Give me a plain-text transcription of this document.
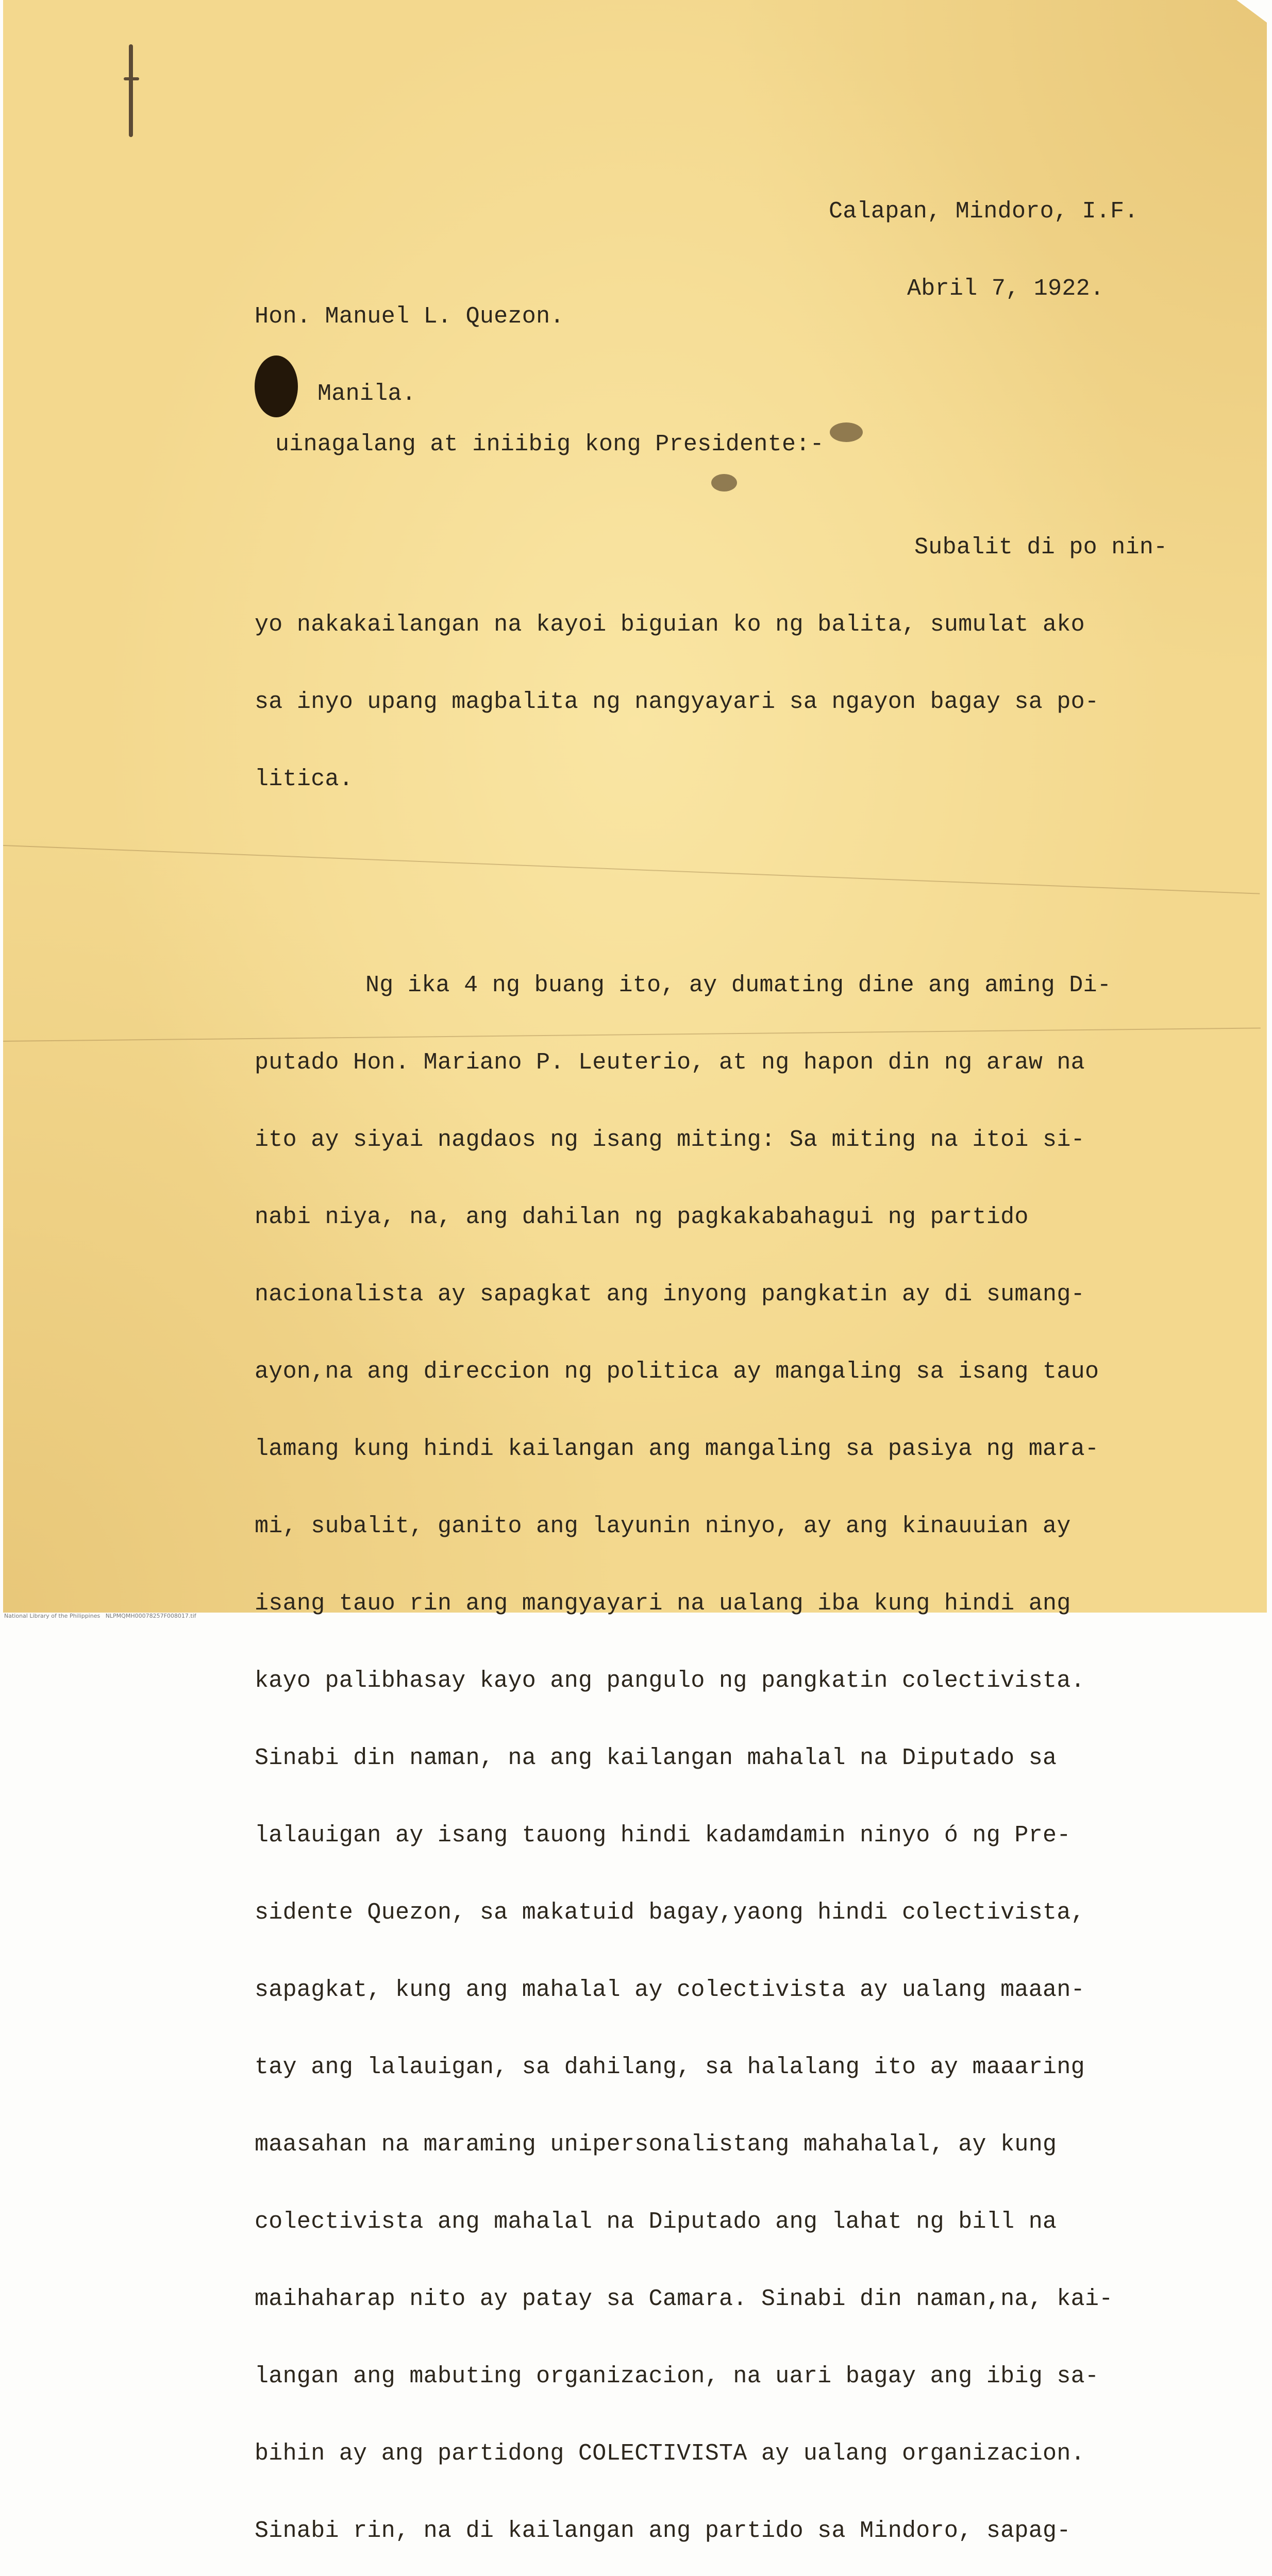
Calapan, Mindoro, I.F.

Abril 7, 1922.

Hon. Manuel L. Quezon.

Manila.

uinagalang at iniibig kong Presidente:-

Subalit di po nin-

yo nakakailangan na kayoi biguian ko ng balita, sumulat ako

sa inyo upang magbalita ng nangyayari sa ngayon bagay sa po-

litica.

Ng ika 4 ng buang ito, ay dumating dine ang aming Di-

putado Hon. Mariano P. Leuterio, at ng hapon din ng araw na

ito ay siyai nagdaos ng isang miting: Sa miting na itoi si-

nabi niya, na, ang dahilan ng pagkakabahagui ng partido

nacionalista ay sapagkat ang inyong pangkatin ay di sumang-

ayon,na ang direccion ng politica ay mangaling sa isang tauo

lamang kung hindi kailangan ang mangaling sa pasiya ng mara-

mi, subalit, ganito ang layunin ninyo, ay ang kinauuian ay

isang tauo rin ang mangyayari na ualang iba kung hindi ang

kayo palibhasay kayo ang pangulo ng pangkatin colectivista.

Sinabi din naman, na ang kailangan mahalal na Diputado sa

lalauigan ay isang tauong hindi kadamdamin ninyo ó ng Pre-

sidente Quezon, sa makatuid bagay,yaong hindi colectivista,

sapagkat, kung ang mahalal ay colectivista ay ualang maaan-

tay ang lalauigan, sa dahilang, sa halalang ito ay maaaring

maasahan na maraming unipersonalistang mahahalal, ay kung

colectivista ang mahalal na Diputado ang lahat ng bill na

maihaharap nito ay patay sa Camara. Sinabi din naman,na, kai-

langan ang mabuting organizacion, na uari bagay ang ibig sa-

bihin ay ang partidong COLECTIVISTA ay ualang organizacion.

Sinabi rin, na di kailangan ang partido sa Mindoro, sapag-

National Library of the Philippines   NLPMQMH00078257F008017.tif
